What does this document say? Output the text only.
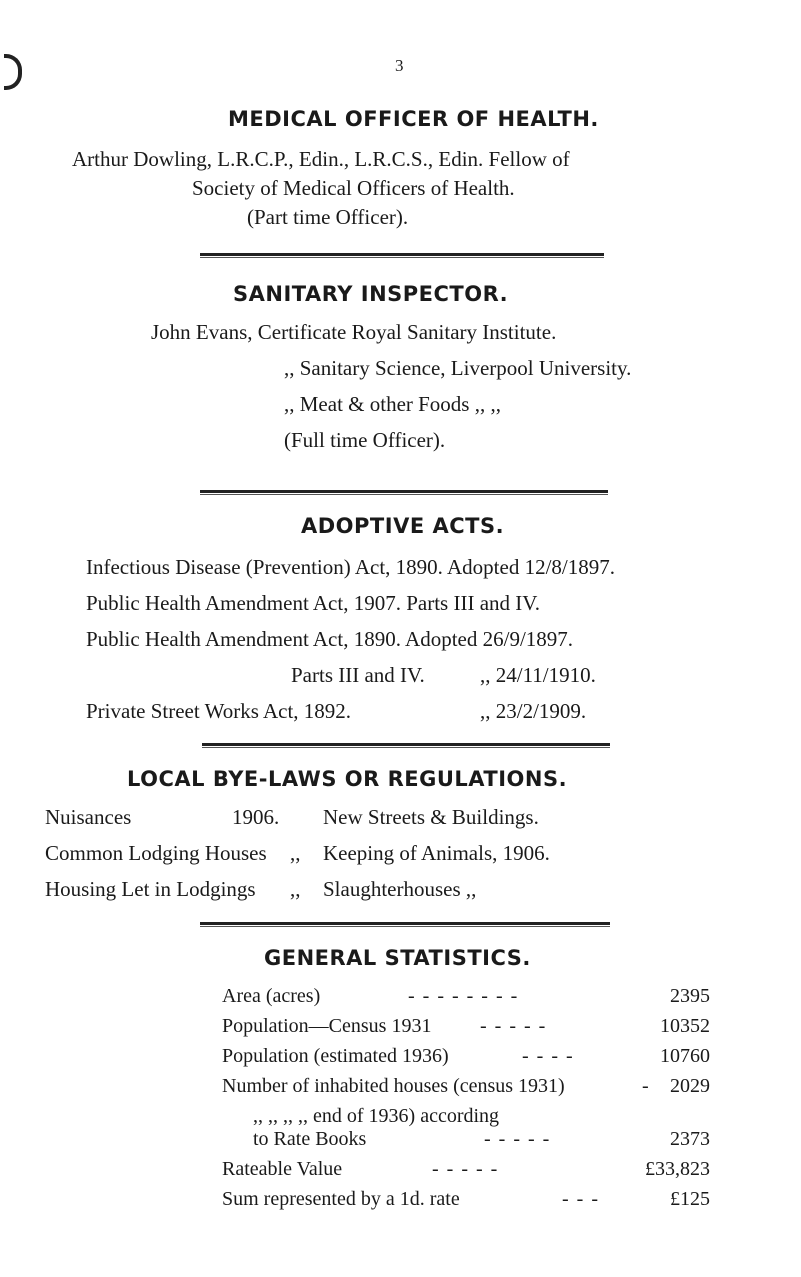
3
MEDICAL OFFICER OF HEALTH.
Arthur Dowling, L.R.C.P., Edin., L.R.C.S., Edin. Fellow of
Society of Medical Officers of Health.
(Part time Officer).
SANITARY INSPECTOR.
John Evans, Certificate Royal Sanitary Institute.
,, Sanitary Science, Liverpool University.
,, Meat & other Foods ,, ,,
(Full time Officer).
ADOPTIVE ACTS.
Infectious Disease (Prevention) Act, 1890. Adopted 12/8/1897.
Public Health Amendment Act, 1907. Parts III and IV.
Public Health Amendment Act, 1890. Adopted 26/9/1897.
Parts III and IV.	,, 24/11/1910.
Private Street Works Act, 1892.	,, 23/2/1909.
LOCAL BYE-LAWS OR REGULATIONS.
Nuisances	1906. New Streets & Buildings.
Common Lodging Houses ,, Keeping of Animals, 1906.
Housing Let in Lodgings ,, Slaughterhouses ,,
GENERAL STATISTICS.
Area (acres)	--------	2395
Population—Census 1931 -----	10352
Population (estimated 1936)	----	10760
Number of inhabited houses (census 1931)	- 2029
,, ,, ,, ,, end of 1936) according
to Rate Books	-----	2373
Rateable Value	-----	£33,823
Sum represented by a 1d. rate	---	£125
